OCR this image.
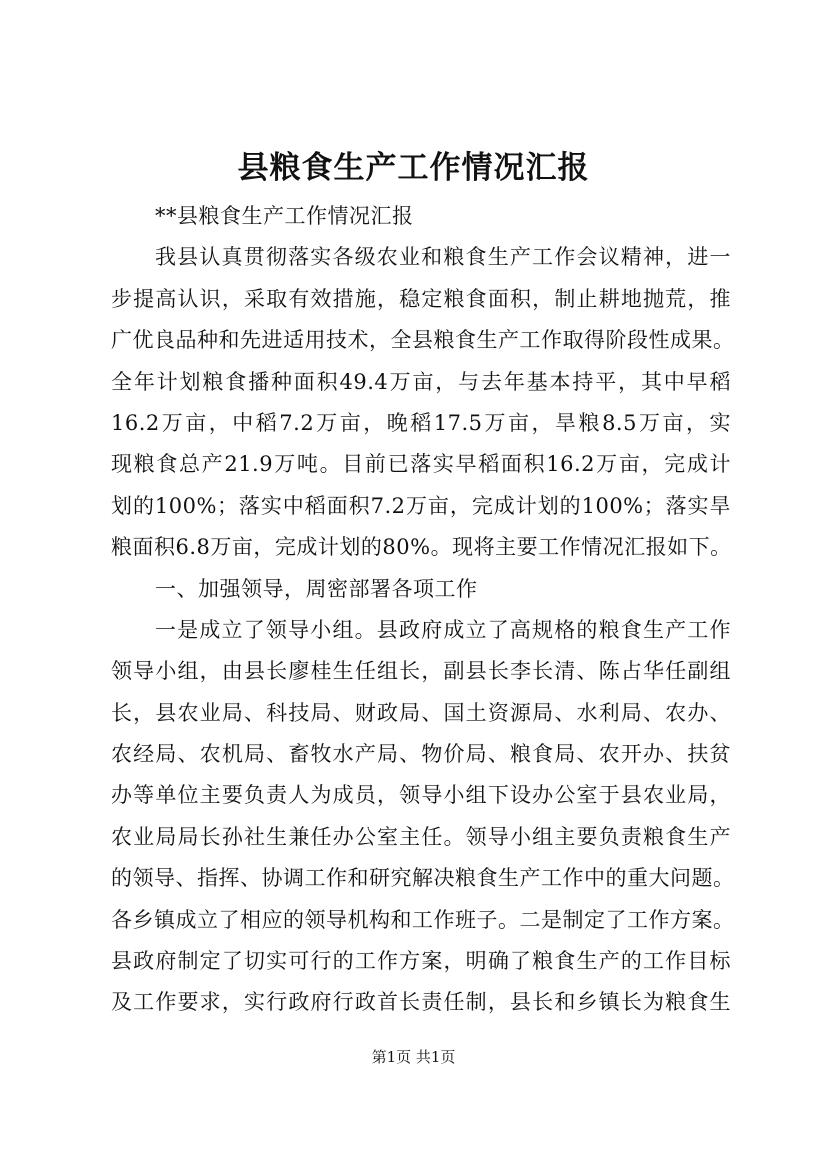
县粮食生产工作情况汇报
**县粮食生产工作情况汇报
我县认真贯彻落实各级农业和粮食生产工作会议精神，进一
步提高认识，采取有效措施，稳定粮食面积，制止耕地抛荒，推
广优良品种和先进适用技术，全县粮食生产工作取得阶段性成果。
全年计划粮食播种面积49.4万亩，与去年基本持平，其中早稻
16.2万亩，中稻7.2万亩，晚稻17.5万亩，旱粮8.5万亩，实
现粮食总产21.9万吨。目前已落实早稻面积16.2万亩，完成计
划的100%；落实中稻面积7.2万亩，完成计划的100%；落实旱
粮面积6.8万亩，完成计划的80%。现将主要工作情况汇报如下。
一、加强领导，周密部署各项工作
一是成立了领导小组。县政府成立了高规格的粮食生产工作
领导小组，由县长廖桂生任组长，副县长李长清、陈占华任副组
长，县农业局、科技局、财政局、国土资源局、水利局、农办、
农经局、农机局、畜牧水产局、物价局、粮食局、农开办、扶贫
办等单位主要负责人为成员，领导小组下设办公室于县农业局，
农业局局长孙社生兼任办公室主任。领导小组主要负责粮食生产
的领导、指挥、协调工作和研究解决粮食生产工作中的重大问题。
各乡镇成立了相应的领导机构和工作班子。二是制定了工作方案。
县政府制定了切实可行的工作方案，明确了粮食生产的工作目标
及工作要求，实行政府行政首长责任制，县长和乡镇长为粮食生
第1页 共1页
